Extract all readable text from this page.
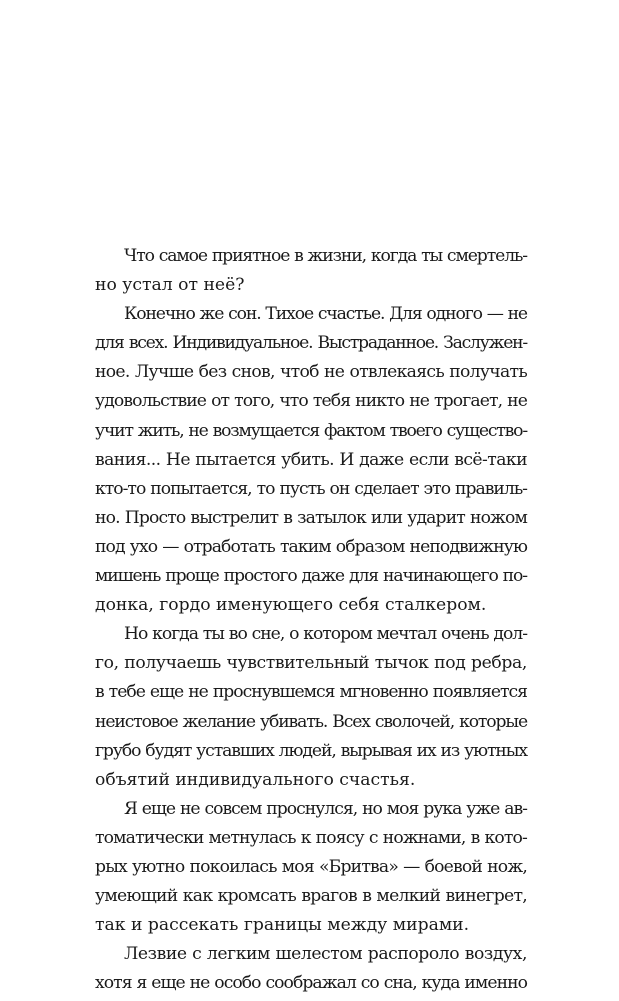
Что самое приятное в жизни, когда ты смертель-
но устал от неё?
Конечно же сон. Тихое счастье. Для одного — не
для всех. Индивидуальное. Выстраданное. Заслужен-
ное. Лучше без снов, чтоб не отвлекаясь получать
удовольствие от того, что тебя никто не трогает, не
учит жить, не возмущается фактом твоего существо-
вания... Не пытается убить. И даже если всё-таки
кто-то попытается, то пусть он сделает это правиль-
но. Просто выстрелит в затылок или ударит ножом
под ухо — отработать таким образом неподвижную
мишень проще простого даже для начинающего по-
донка, гордо именующего себя сталкером.
Но когда ты во сне, о котором мечтал очень дол-
го, получаешь чувствительный тычок под ребра,
в тебе еще не проснувшемся мгновенно появляется
неистовое желание убивать. Всех сволочей, которые
грубо будят уставших людей, вырывая их из уютных
объятий индивидуального счастья.
Я еще не совсем проснулся, но моя рука уже ав-
томатически метнулась к поясу с ножнами, в кото-
рых уютно покоилась моя «Бритва» — боевой нож,
умеющий как кромсать врагов в мелкий винегрет,
так и рассекать границы между мирами.
Лезвие с легким шелестом распороло воздух,
хотя я еще не особо соображал со сна, куда именно
